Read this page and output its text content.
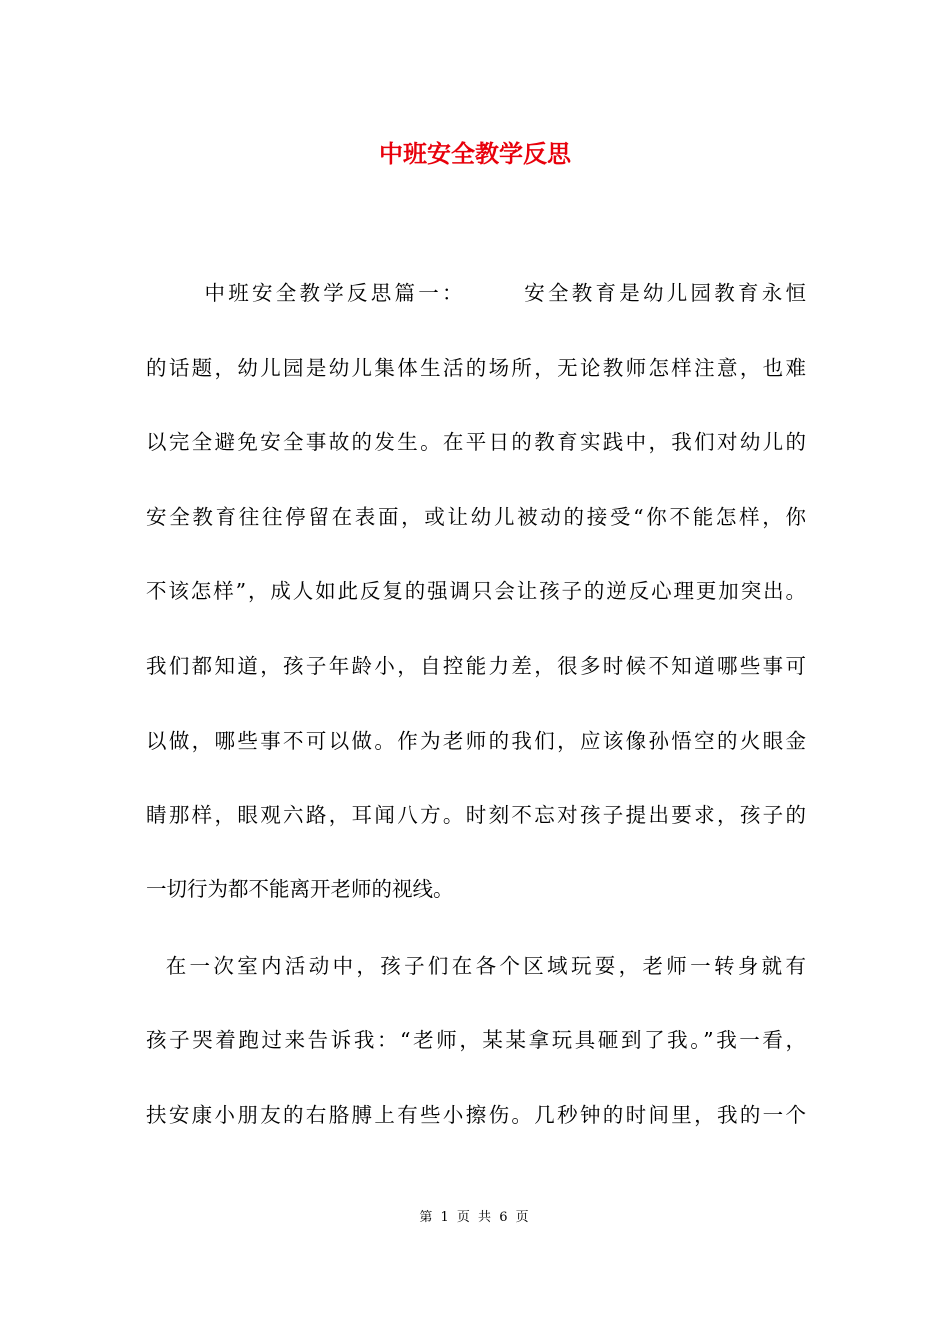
中班安全教学反思
中班安全教学反思篇一：      安全教育是幼儿园教育永恒
的话题，幼儿园是幼儿集体生活的场所，无论教师怎样注意，也难
以完全避免安全事故的发生。在平日的教育实践中，我们对幼儿的
安全教育往往停留在表面，或让幼儿被动的接受“你不能怎样，你
不该怎样”，成人如此反复的强调只会让孩子的逆反心理更加突出。
我们都知道，孩子年龄小，自控能力差，很多时候不知道哪些事可
以做，哪些事不可以做。作为老师的我们，应该像孙悟空的火眼金
睛那样，眼观六路，耳闻八方。时刻不忘对孩子提出要求，孩子的
一切行为都不能离开老师的视线。
在一次室内活动中，孩子们在各个区域玩耍，老师一转身就有
孩子哭着跑过来告诉我：“老师，某某拿玩具砸到了我。”我一看，
扶安康小朋友的右胳膊上有些小擦伤。几秒钟的时间里，我的一个
第 1 页 共 6 页
